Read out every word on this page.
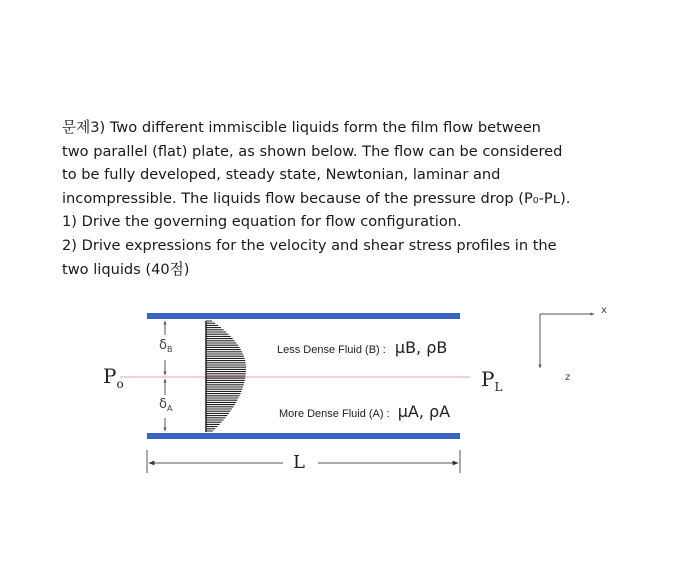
문제3) Two different immiscible liquids form the film flow between

two parallel (flat) plate, as shown below. The flow can be considered

to be fully developed, steady state, Newtonian, laminar and

incompressible. The liquids flow because of the pressure drop (P₀-Pʟ).

1) Drive the governing equation for flow configuration.

2) Drive expressions for the velocity and shear stress profiles in the

two liquids (40점)

$P_o$	$P_L$
$\delta_B$
$\delta_A$
Less Dense Fluid (B) : μB, ρB
More Dense Fluid (A) : μA, ρA
L
x
z
